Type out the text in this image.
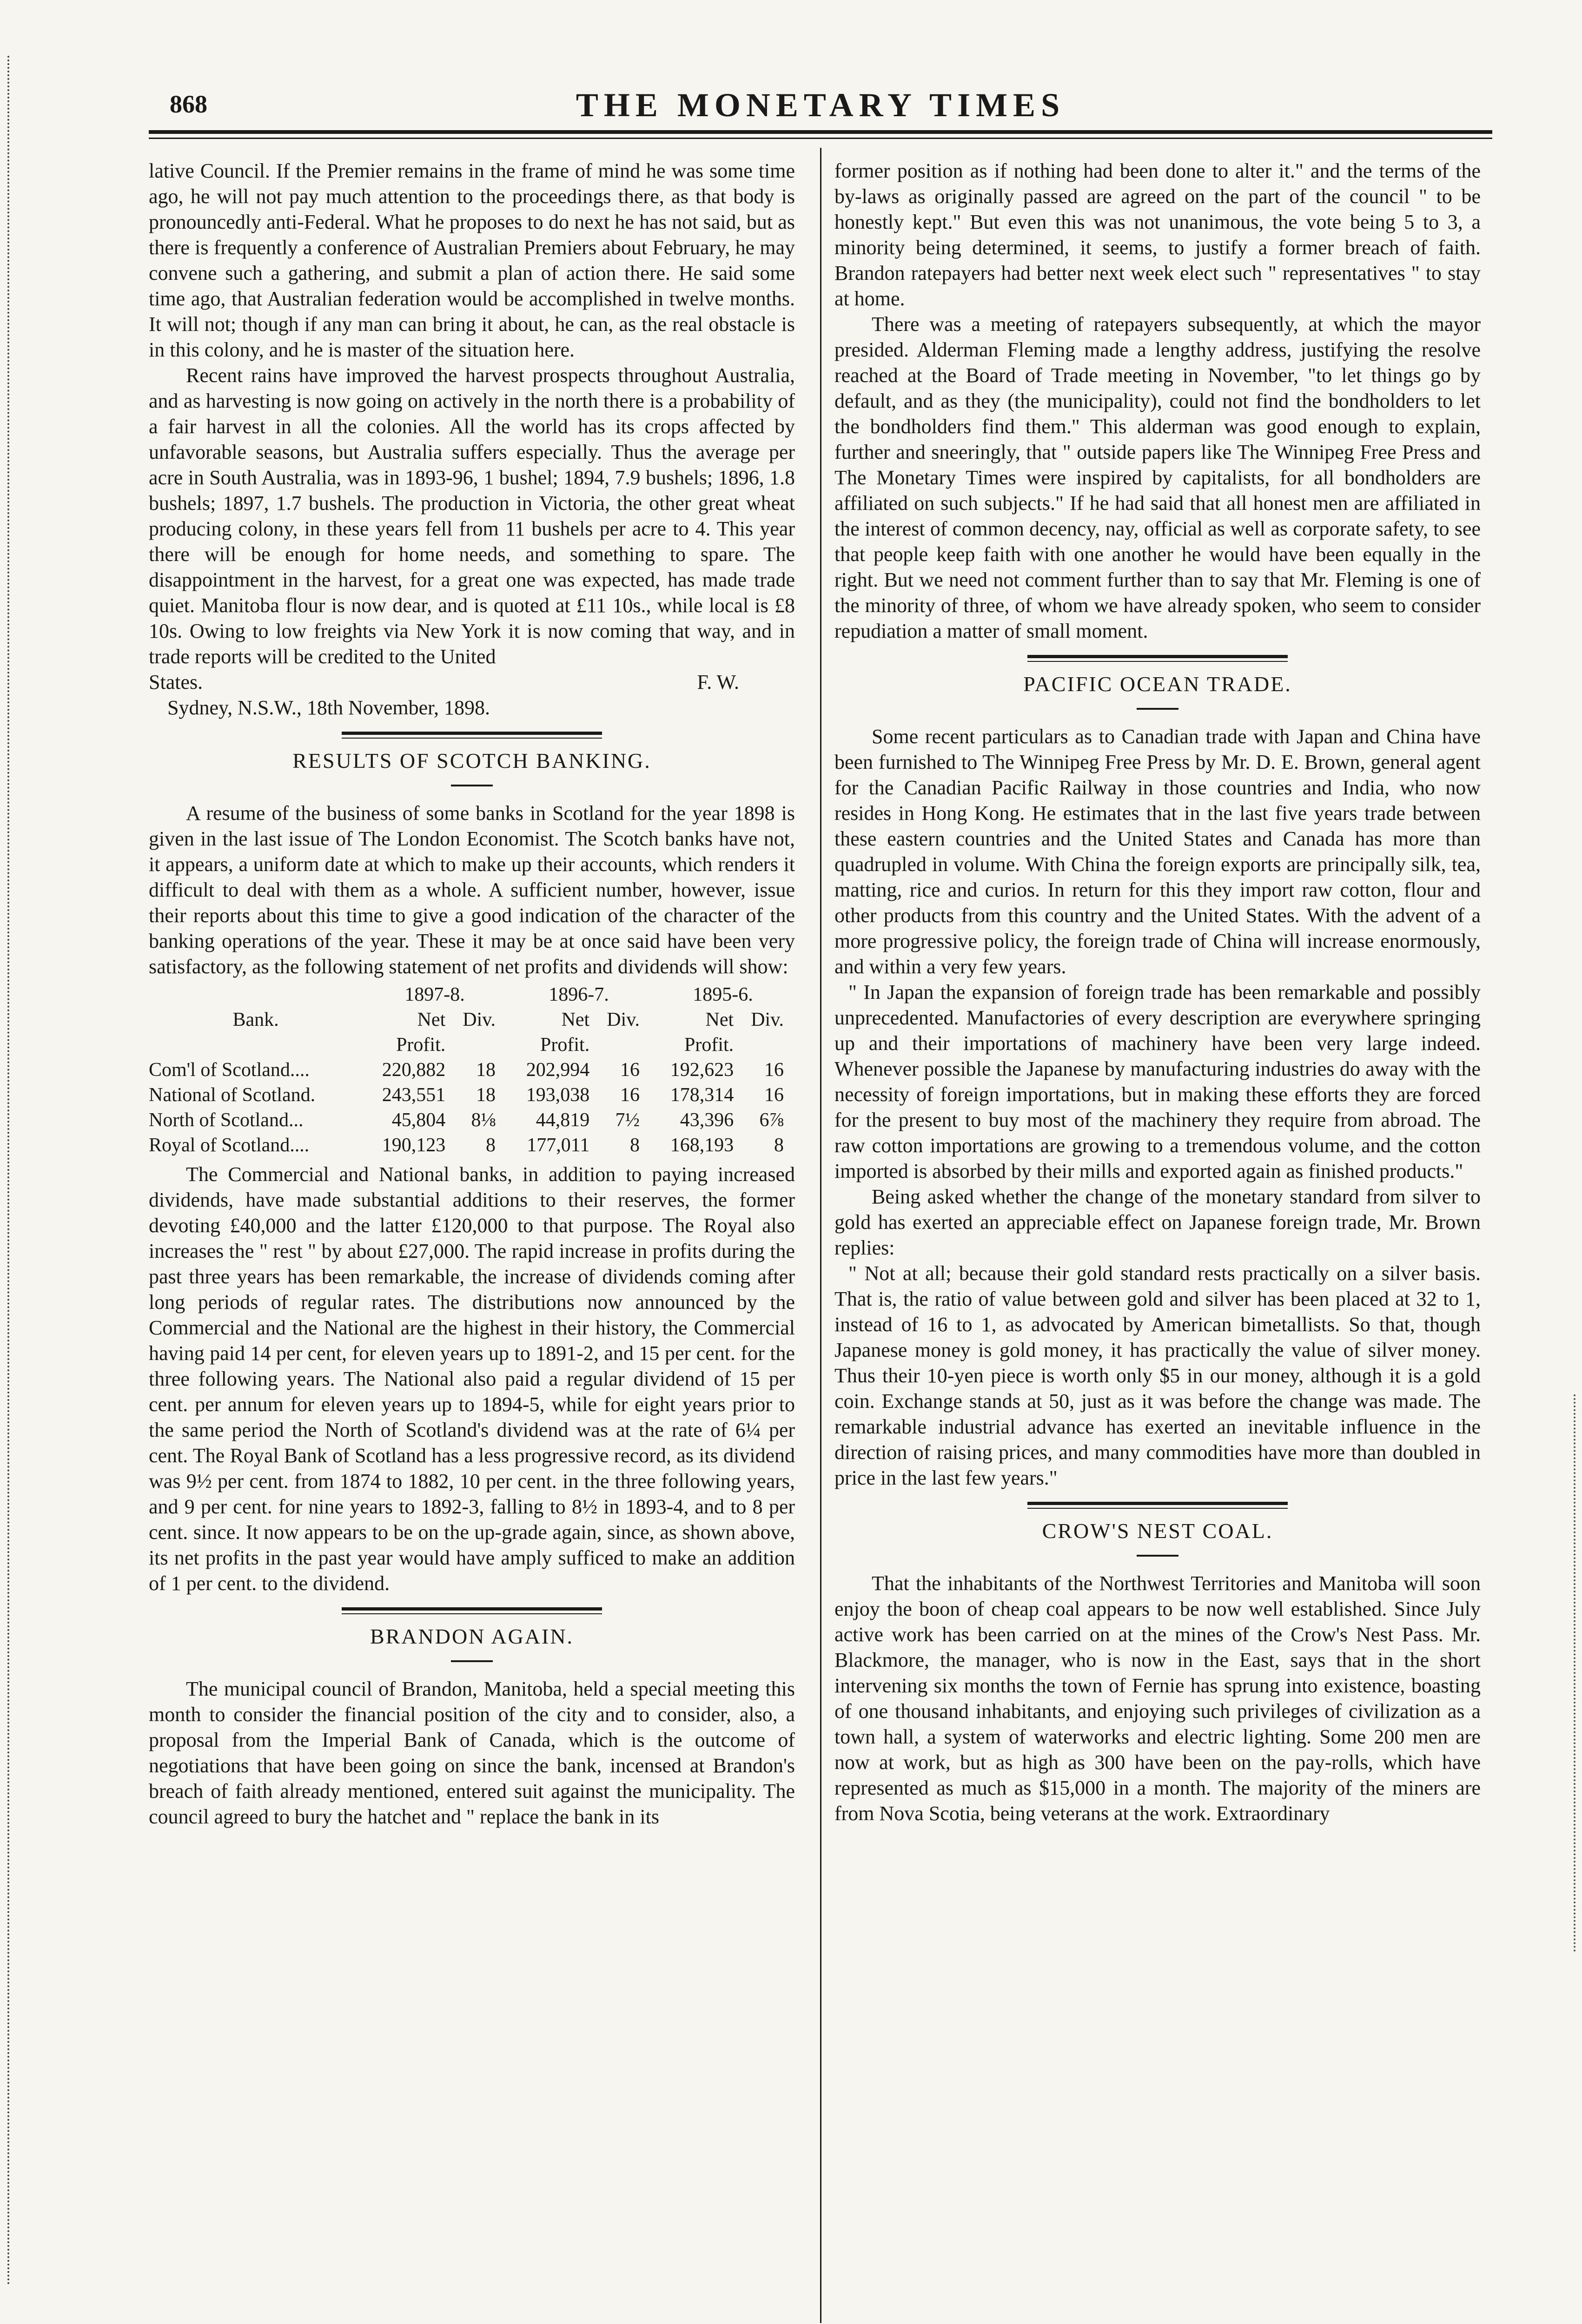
868	THE MONETARY TIMES

lative Council. If the Premier remains in the frame of mind he was some time ago, he will not pay much attention to the proceedings there, as that body is pronouncedly anti-Federal. What he proposes to do next he has not said, but as there is frequently a conference of Australian Premiers about February, he may convene such a gathering, and submit a plan of action there. He said some time ago, that Australian federation would be accomplished in twelve months. It will not; though if any man can bring it about, he can, as the real obstacle is in this colony, and he is master of the situation here.

Recent rains have improved the harvest prospects throughout Australia, and as harvesting is now going on actively in the north there is a probability of a fair harvest in all the colonies. All the world has its crops affected by unfavorable seasons, but Australia suffers especially. Thus the average per acre in South Australia, was in 1893-96, 1 bushel; 1894, 7.9 bushels; 1896, 1.8 bushels; 1897, 1.7 bushels. The production in Victoria, the other great wheat producing colony, in these years fell from 11 bushels per acre to 4. This year there will be enough for home needs, and something to spare. The disappointment in the harvest, for a great one was expected, has made trade quiet. Manitoba flour is now dear, and is quoted at £11 10s., while local is £8 10s. Owing to low freights via New York it is now coming that way, and in trade reports will be credited to the United

States.	F. W.

Sydney, N.S.W., 18th November, 1898.

RESULTS OF SCOTCH BANKING.

A resume of the business of some banks in Scotland for the year 1898 is given in the last issue of The London Economist. The Scotch banks have not, it appears, a uniform date at which to make up their accounts, which renders it difficult to deal with them as a whole. A sufficient number, however, issue their reports about this time to give a good indication of the character of the banking operations of the year. These it may be at once said have been very satisfactory, as the following statement of net profits and dividends will show:

	1897-8.		1896-7.		1895-6.	
Bank.	Net	Div.	Net	Div.	Net	Div.
	Profit.		Profit.		Profit.	
Com'l of Scotland....	220,882	18	202,994	16	192,623	16
National of Scotland.	243,551	18	193,038	16	178,314	16
North of Scotland...	45,804	8⅛	44,819	7½	43,396	6⅞
Royal of Scotland....	190,123	8	177,011	8	168,193	8

The Commercial and National banks, in addition to paying increased dividends, have made substantial additions to their reserves, the former devoting £40,000 and the latter £120,000 to that purpose. The Royal also increases the " rest " by about £27,000. The rapid increase in profits during the past three years has been remarkable, the increase of dividends coming after long periods of regular rates. The distributions now announced by the Commercial and the National are the highest in their history, the Commercial having paid 14 per cent, for eleven years up to 1891-2, and 15 per cent. for the three following years. The National also paid a regular dividend of 15 per cent. per annum for eleven years up to 1894-5, while for eight years prior to the same period the North of Scotland's dividend was at the rate of 6¼ per cent. The Royal Bank of Scotland has a less progressive record, as its dividend was 9½ per cent. from 1874 to 1882, 10 per cent. in the three following years, and 9 per cent. for nine years to 1892-3, falling to 8½ in 1893-4, and to 8 per cent. since. It now appears to be on the up-grade again, since, as shown above, its net profits in the past year would have amply sufficed to make an addition of 1 per cent. to the dividend.

BRANDON AGAIN.

The municipal council of Brandon, Manitoba, held a special meeting this month to consider the financial position of the city and to consider, also, a proposal from the Imperial Bank of Canada, which is the outcome of negotiations that have been going on since the bank, incensed at Brandon's breach of faith already mentioned, entered suit against the municipality. The council agreed to bury the hatchet and " replace the bank in its

former position as if nothing had been done to alter it." and the terms of the by-laws as originally passed are agreed on the part of the council " to be honestly kept." But even this was not unanimous, the vote being 5 to 3, a minority being determined, it seems, to justify a former breach of faith. Brandon ratepayers had better next week elect such " representatives " to stay at home.

There was a meeting of ratepayers subsequently, at which the mayor presided. Alderman Fleming made a lengthy address, justifying the resolve reached at the Board of Trade meeting in November, "to let things go by default, and as they (the municipality), could not find the bondholders to let the bondholders find them." This alderman was good enough to explain, further and sneeringly, that " outside papers like The Winnipeg Free Press and The Monetary Times were inspired by capitalists, for all bondholders are affiliated on such subjects." If he had said that all honest men are affiliated in the interest of common decency, nay, official as well as corporate safety, to see that people keep faith with one another he would have been equally in the right. But we need not comment further than to say that Mr. Fleming is one of the minority of three, of whom we have already spoken, who seem to consider repudiation a matter of small moment.

PACIFIC OCEAN TRADE.

Some recent particulars as to Canadian trade with Japan and China have been furnished to The Winnipeg Free Press by Mr. D. E. Brown, general agent for the Canadian Pacific Railway in those countries and India, who now resides in Hong Kong. He estimates that in the last five years trade between these eastern countries and the United States and Canada has more than quadrupled in volume. With China the foreign exports are principally silk, tea, matting, rice and curios. In return for this they import raw cotton, flour and other products from this country and the United States. With the advent of a more progressive policy, the foreign trade of China will increase enormously, and within a very few years.

" In Japan the expansion of foreign trade has been remarkable and possibly unprecedented. Manufactories of every description are everywhere springing up and their importations of machinery have been very large indeed. Whenever possible the Japanese by manufacturing industries do away with the necessity of foreign importations, but in making these efforts they are forced for the present to buy most of the machinery they require from abroad. The raw cotton importations are growing to a tremendous volume, and the cotton imported is absorbed by their mills and exported again as finished products."

Being asked whether the change of the monetary standard from silver to gold has exerted an appreciable effect on Japanese foreign trade, Mr. Brown replies:

" Not at all; because their gold standard rests practically on a silver basis. That is, the ratio of value between gold and silver has been placed at 32 to 1, instead of 16 to 1, as advocated by American bimetallists. So that, though Japanese money is gold money, it has practically the value of silver money. Thus their 10-yen piece is worth only $5 in our money, although it is a gold coin. Exchange stands at 50, just as it was before the change was made. The remarkable industrial advance has exerted an inevitable influence in the direction of raising prices, and many commodities have more than doubled in price in the last few years."

CROW'S NEST COAL.

That the inhabitants of the Northwest Territories and Manitoba will soon enjoy the boon of cheap coal appears to be now well established. Since July active work has been carried on at the mines of the Crow's Nest Pass. Mr. Blackmore, the manager, who is now in the East, says that in the short intervening six months the town of Fernie has sprung into existence, boasting of one thousand inhabitants, and enjoying such privileges of civilization as a town hall, a system of waterworks and electric lighting. Some 200 men are now at work, but as high as 300 have been on the pay-rolls, which have represented as much as $15,000 in a month. The majority of the miners are from Nova Scotia, being veterans at the work. Extraordinary
